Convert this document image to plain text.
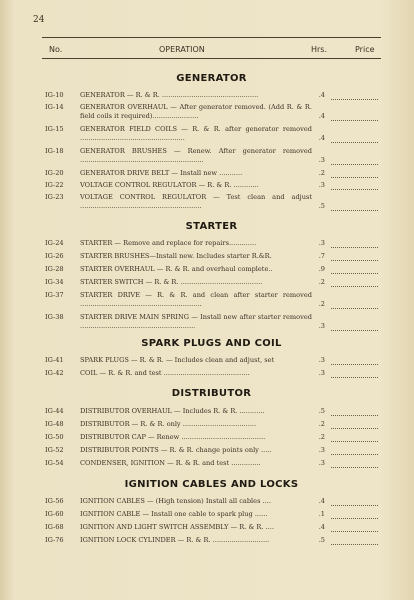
24
No.	OPERATION	Hrs.	Price
GENERATOR
IG-10	GENERATOR — R. & R. ..............................................	.4
IG-14	GENERATOR OVERHAUL — After generator removed. (Add R. & R. field coils it required)......................	.4
IG-15	GENERATOR FIELD COILS — R. & R. after generator removed ..................................................	.4
IG-18	GENERATOR BRUSHES — Renew. After generator removed ...........................................................	.3
IG-20	GENERATOR DRIVE BELT — Install new ...........	.2
IG-22	VOLTAGE CONTROL REGULATOR — R. & R. ............	.3
IG-23	VOLTAGE CONTROL REGULATOR — Test clean and adjust ..........................................................	.5
STARTER
IG-24	STARTER — Remove and replace for repairs.............	.3
IG-26	STARTER BRUSHES—Install new. Includes starter R.&R.	.7
IG-28	STARTER OVERHAUL — R. & R. and overhaul complete..	.9
IG-34	STARTER SWITCH — R. & R. .......................................	.2
IG-37	STARTER DRIVE — R. & R. and clean after starter removed ..........................................................	.2
IG-38	STARTER DRIVE MAIN SPRING — Install new after starter removed .......................................................	.3
SPARK PLUGS AND COIL
IG-41	SPARK PLUGS — R. & R. — Includes clean and adjust, set	.3
IG-42	COIL — R. & R. and test .........................................	.3
DISTRIBUTOR
IG-44	DISTRIBUTOR OVERHAUL — Includes R. & R. ............	.5
IG-48	DISTRIBUTOR — R. & R. only ...................................	.2
IG-50	DISTRIBUTOR CAP — Renew ........................................	.2
IG-52	DISTRIBUTOR POINTS — R. & R. change points only .....	.3
IG-54	CONDENSER, IGNITION — R. & R. and test ..............	.3
IGNITION CABLES AND LOCKS
IG-56	IGNITION CABLES — (High tension) Install all cables ....	.4
IG-60	IGNITION CABLE — Install one cable to spark plug ......	.1
IG-68	IGNITION AND LIGHT SWITCH ASSEMBLY — R. & R. ....	.4
IG-76	IGNITION LOCK CYLINDER — R. & R. ...........................	.5
